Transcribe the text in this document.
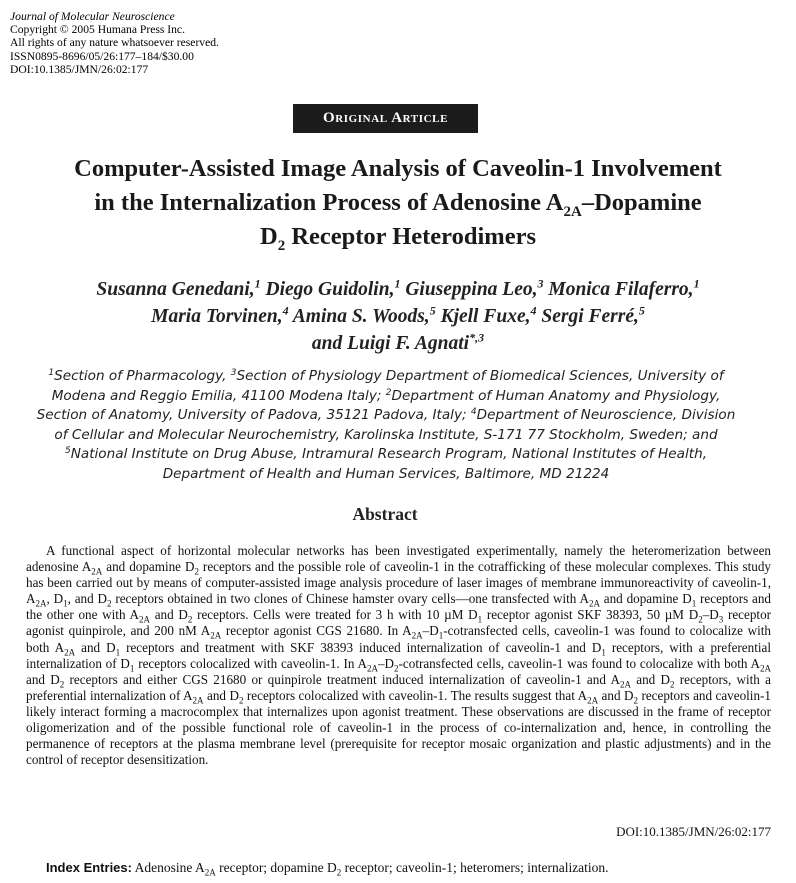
Journal of Molecular Neuroscience
Copyright © 2005 Humana Press Inc.
All rights of any nature whatsoever reserved.
ISSN0895-8696/05/26:177–184/$30.00
DOI:10.1385/JMN/26:02:177
Original Article
Computer-Assisted Image Analysis of Caveolin-1 Involvement
in the Internalization Process of Adenosine $A_{2A}$–Dopamine
$D_2$ Receptor Heterodimers
Susanna Genedani,$^1$ Diego Guidolin,$^1$ Giuseppina Leo,$^3$ Monica Filaferro,$^1$
Maria Torvinen,$^4$ Amina S. Woods,$^5$ Kjell Fuxe,$^4$ Sergi Ferré,$^5$
and Luigi F. Agnati$^{*,3}$
$^1$Section of Pharmacology, $^3$Section of Physiology Department of Biomedical Sciences, University of Modena and Reggio Emilia, 41100 Modena Italy; $^2$Department of Human Anatomy and Physiology, Section of Anatomy, University of Padova, 35121 Padova, Italy; $^4$Department of Neuroscience, Division of Cellular and Molecular Neurochemistry, Karolinska Institute, S-171 77 Stockholm, Sweden; and $^5$National Institute on Drug Abuse, Intramural Research Program, National Institutes of Health, Department of Health and Human Services, Baltimore, MD 21224
Abstract
A functional aspect of horizontal molecular networks has been investigated experimentally, namely the heteromerization between adenosine $A_{2A}$ and dopamine $D_2$ receptors and the possible role of caveolin-1 in the cotrafficking of these molecular complexes. This study has been carried out by means of computer-assisted image analysis procedure of laser images of membrane immunoreactivity of caveolin-1, $A_{2A}$, $D_1$, and $D_2$ receptors obtained in two clones of Chinese hamster ovary cells—one transfected with $A_{2A}$ and dopamine $D_1$ receptors and the other one with $A_{2A}$ and $D_2$ receptors. Cells were treated for 3 h with 10 µM $D_1$ receptor agonist SKF 38393, 50 µM $D_2-D_3$ receptor agonist quinpirole, and 200 nM $A_{2A}$ receptor agonist CGS 21680. In $A_{2A}-D_1$-cotransfected cells, caveolin-1 was found to colocalize with both $A_{2A}$ and $D_1$ receptors and treatment with SKF 38393 induced internalization of caveolin-1 and $D_1$ receptors, with a preferential internalization of $D_1$ receptors colocalized with caveolin-1. In $A_{2A}-D_2$-cotransfected cells, caveolin-1 was found to colocalize with both $A_{2A}$ and $D_2$ receptors and either CGS 21680 or quinpirole treatment induced internalization of caveolin-1 and $A_{2A}$ and $D_2$ receptors, with a preferential internalization of $A_{2A}$ and $D_2$ receptors colocalized with caveolin-1. The results suggest that $A_{2A}$ and $D_2$ receptors and caveolin-1 likely interact forming a macrocomplex that internalizes upon agonist treatment. These observations are discussed in the frame of receptor oligomerization and of the possible functional role of caveolin-1 in the process of co-internalization and, hence, in controlling the permanence of receptors at the plasma membrane level (prerequisite for receptor mosaic organization and plastic adjustments) and in the control of receptor desensitization.
DOI:10.1385/JMN/26:02:177
Index Entries: Adenosine $A_{2A}$ receptor; dopamine $D_2$ receptor; caveolin-1; heteromers; internalization.
